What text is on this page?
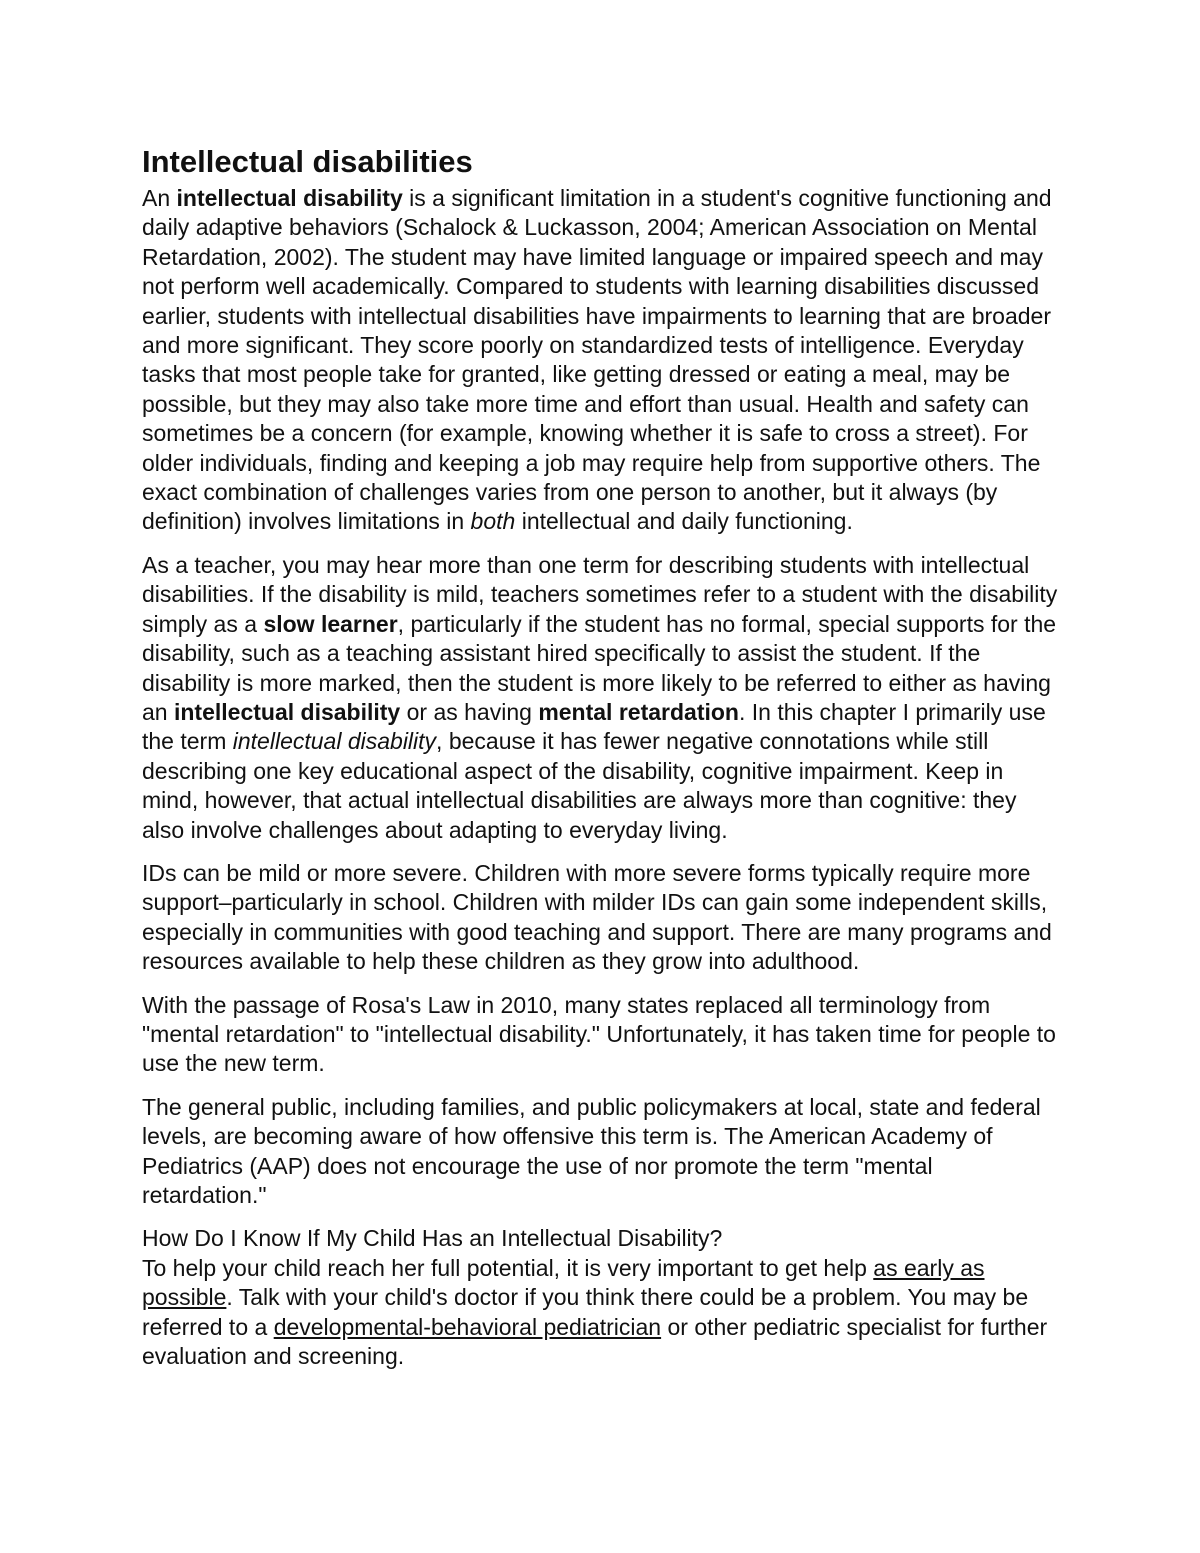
Intellectual disabilities

An intellectual disability is a significant limitation in a student's cognitive functioning and daily adaptive behaviors (Schalock & Luckasson, 2004; American Association on Mental Retardation, 2002). The student may have limited language or impaired speech and may not perform well academically. Compared to students with learning disabilities discussed earlier, students with intellectual disabilities have impairments to learning that are broader and more significant. They score poorly on standardized tests of intelligence. Everyday tasks that most people take for granted, like getting dressed or eating a meal, may be possible, but they may also take more time and effort than usual. Health and safety can sometimes be a concern (for example, knowing whether it is safe to cross a street). For older individuals, finding and keeping a job may require help from supportive others. The exact combination of challenges varies from one person to another, but it always (by definition) involves limitations in both intellectual and daily functioning.

As a teacher, you may hear more than one term for describing students with intellectual disabilities. If the disability is mild, teachers sometimes refer to a student with the disability simply as a slow learner, particularly if the student has no formal, special supports for the disability, such as a teaching assistant hired specifically to assist the student. If the disability is more marked, then the student is more likely to be referred to either as having an intellectual disability or as having mental retardation. In this chapter I primarily use the term intellectual disability, because it has fewer negative connotations while still describing one key educational aspect of the disability, cognitive impairment. Keep in mind, however, that actual intellectual disabilities are always more than cognitive: they also involve challenges about adapting to everyday living.

IDs can be mild or more severe. Children with more severe forms typically require more support–particularly in school. Children with milder IDs can gain some independent skills, especially in communities with good teaching and support. There are many programs and resources available to help these children as they grow into adulthood.

With the passage of Rosa's Law in 2010, many states replaced all terminology from "mental retardation" to "intellectual disability." Unfortunately, it has taken time for people to use the new term.

The general public, including families, and public policymakers at local, state and federal levels, are becoming aware of how offensive this term is. The American Academy of Pediatrics (AAP) does not encourage the use of nor promote the term "mental retardation."

How Do I Know If My Child Has an Intellectual Disability?

To help your child reach her full potential, it is very important to get help as early as possible. Talk with your child's doctor if you think there could be a problem. You may be referred to a developmental-behavioral pediatrician or other pediatric specialist for further evaluation and screening.
